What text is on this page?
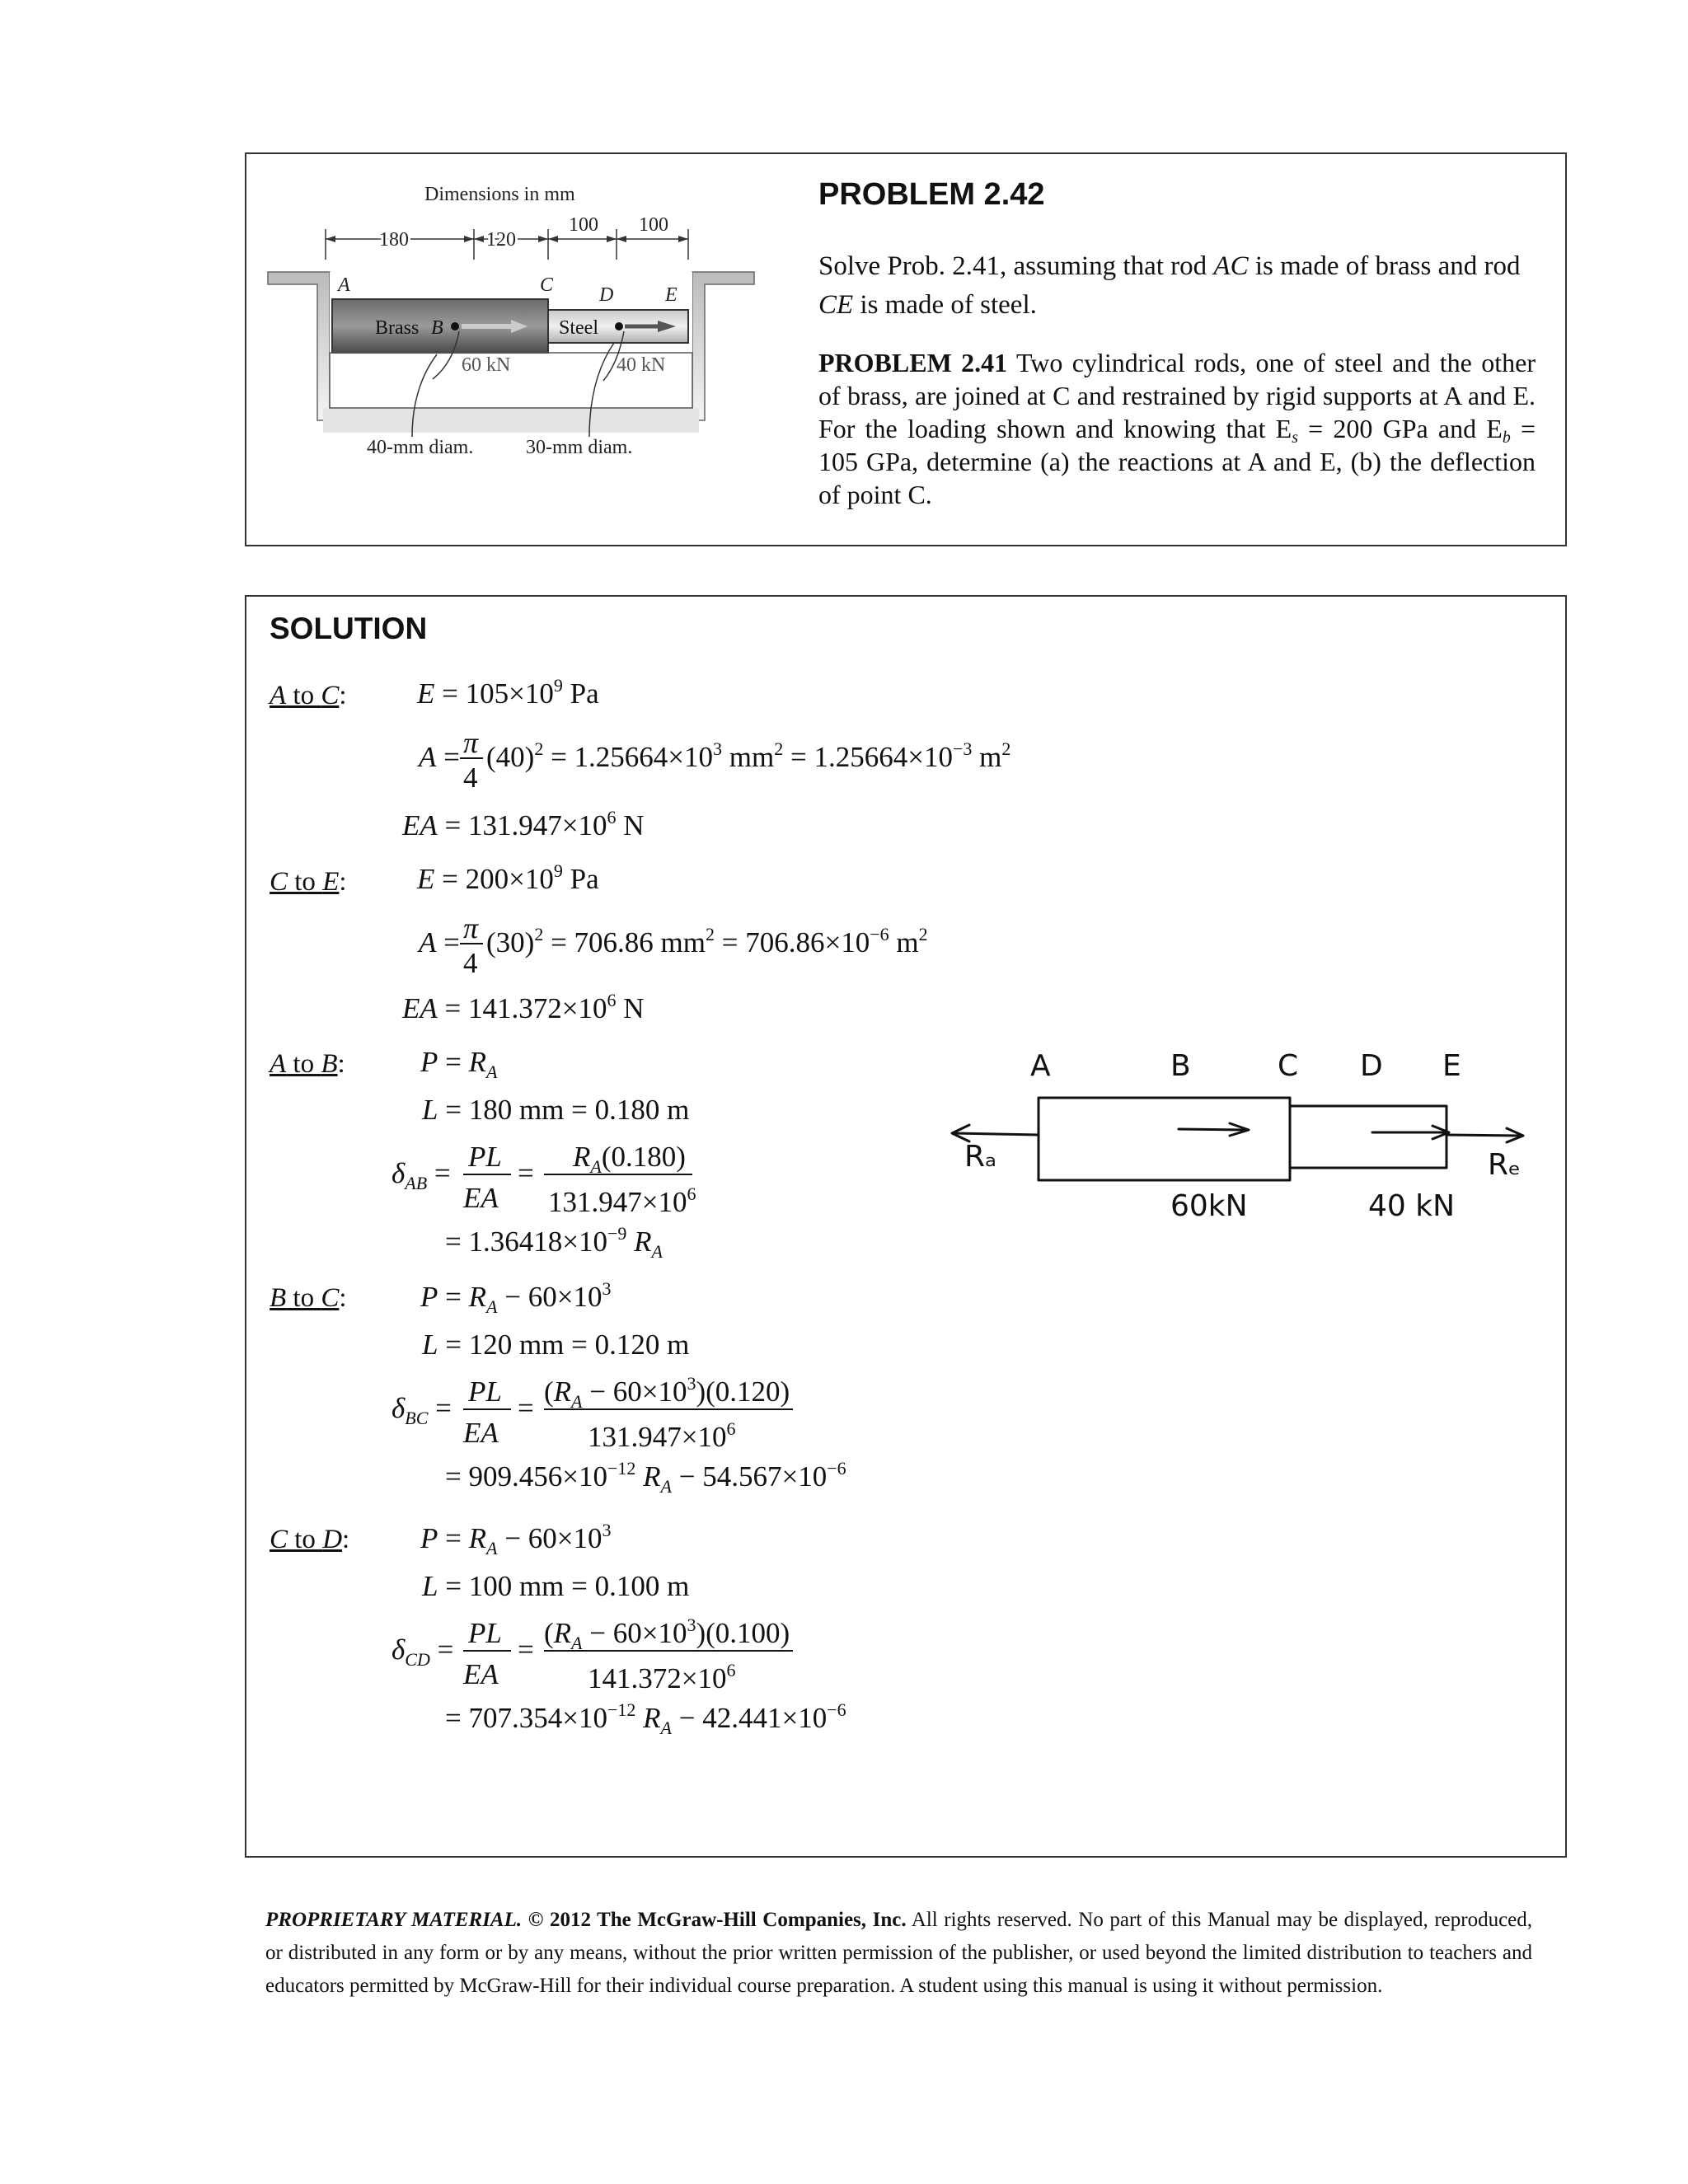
Dimensions in mm
180	120
100 100
A	C D	E
Brass B	Steel
60 kN	40 kN
40-mm diam.	30-mm diam.
PROBLEM 2.42
Solve Prob. 2.41, assuming that rod AC is made of brass and rod CE is made of steel.
PROBLEM 2.41 Two cylindrical rods, one of steel and the other of brass, are joined at C and restrained by rigid supports at A and E. For the loading shown and knowing that $E_s = 200$ GPa and $E_b = 105$ GPa, determine (a) the reactions at A and E, (b) the deflection of point C.
SOLUTION
A to C:
C to E:
A to B:
B to C:
C to D:
$E = 105\times 10^9$ Pa
A = π
4
$(40)^2 = 1.25664\times 10^3$ $mm^2 = 1.25664\times 10^{-3}$ $m^2$
EA = $131.947\times 10^6$ N
$E = 200\times 10^9$ Pa
A = π
4
$(30)^2 = 706.86$ $mm^2 = 706.86\times 10^{-6}$ $m^2$
EA = $141.372\times 10^6$ N
$P = R_A$
L = 180 mm = 0.180 m
$\delta_{AB}$ =
PL
EA
=
$R_A(0.180)$
$131.947\times 10^6$
= $1.36418\times 10^{-9}$ $R_A$
$P = R_A - 60\times 10^3$
L = 120 mm = 0.120 m
$\delta_{BC}$ =
PL
EA
=
$(R_A - 60\times 10^3)(0.120)$
$131.947\times 10^6$
= $909.456\times 10^{-12}$ $R_A - 54.567\times 10^{-6}$
$P = R_A - 60\times 10^3$
L = 100 mm = 0.100 m
$\delta_{CD}$ =
PL
EA
=
$(R_A - 60\times 10^3)(0.100)$
$141.372\times 10^6$
= $707.354\times 10^{-12}$ $R_A - 42.441\times 10^{-6}$
A	B	C D E
Rₐ	Rₑ
60kN	40 kN
PROPRIETARY MATERIAL. © 2012 The McGraw-Hill Companies, Inc. All rights reserved. No part of this Manual may be displayed, reproduced, or distributed in any form or by any means, without the prior written permission of the publisher, or used beyond the limited distribution to teachers and educators permitted by McGraw-Hill for their individual course preparation. A student using this manual is using it without permission.
